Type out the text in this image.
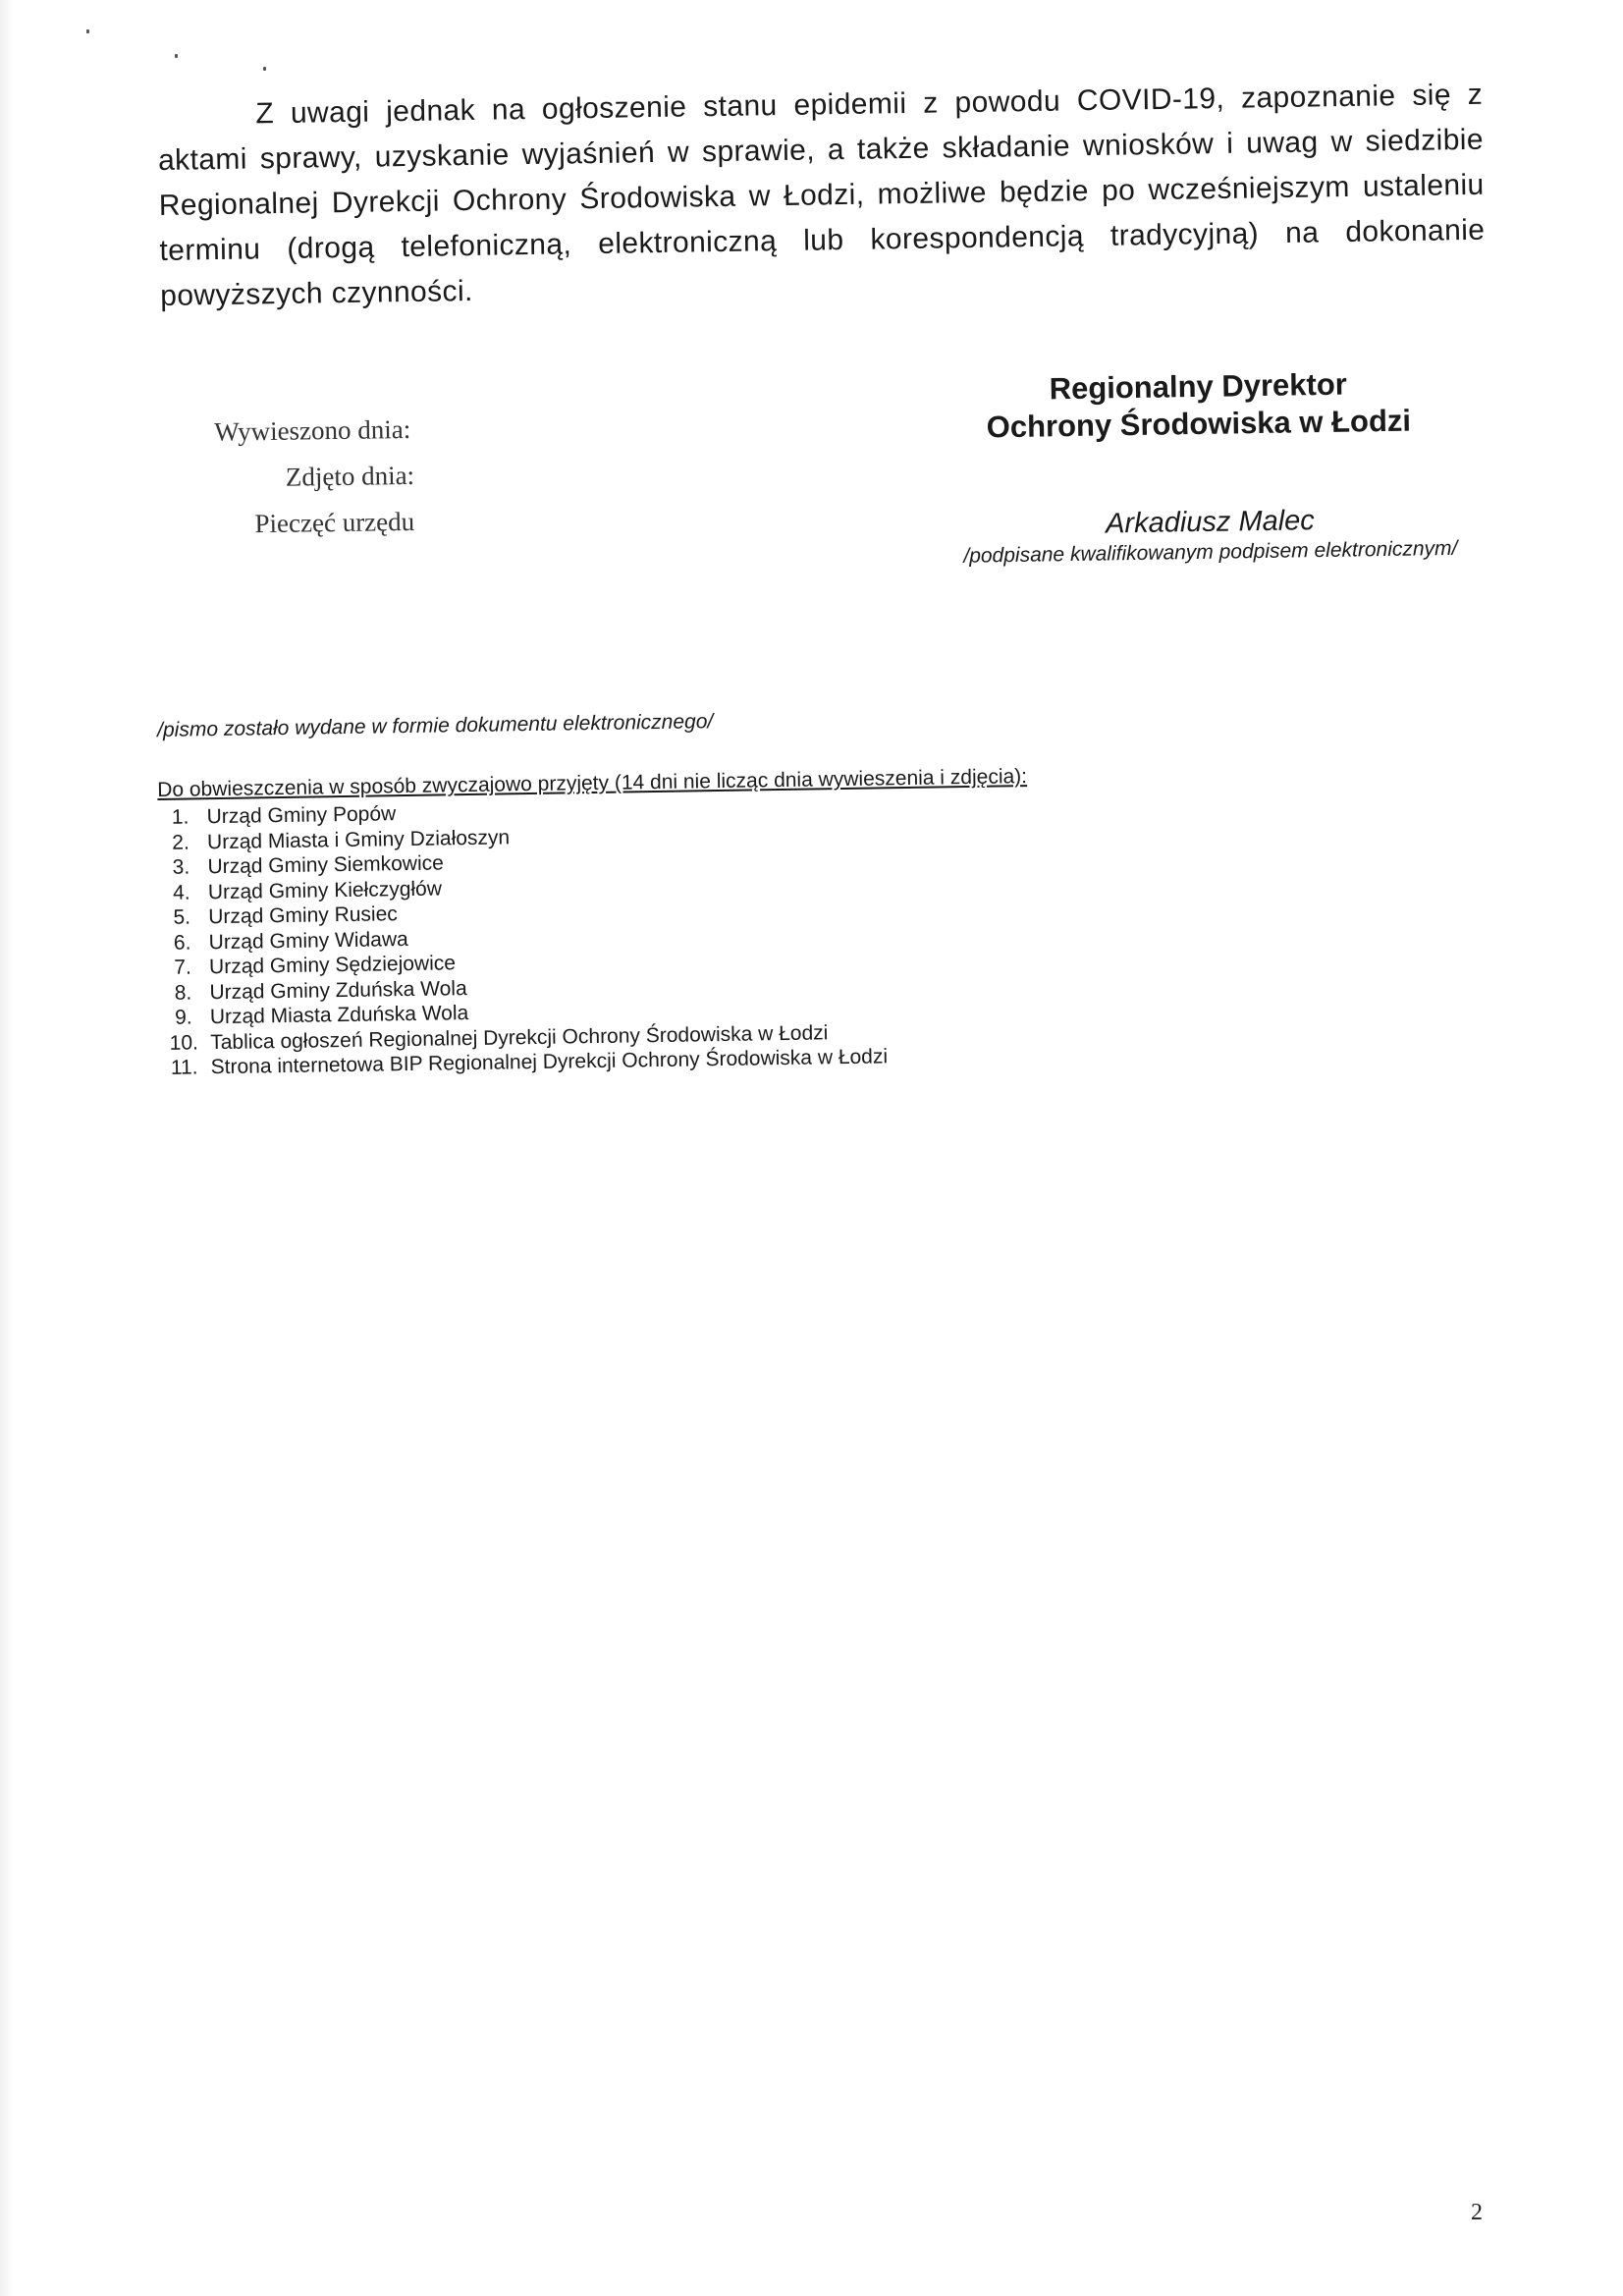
Z uwagi jednak na ogłoszenie stanu epidemii z powodu COVID-19, zapoznanie się z aktami sprawy, uzyskanie wyjaśnień w sprawie, a także składanie wniosków i uwag w siedzibie Regionalnej Dyrekcji Ochrony Środowiska w Łodzi, możliwe będzie po wcześniejszym ustaleniu terminu (drogą telefoniczną, elektroniczną lub korespondencją tradycyjną) na dokonanie powyższych czynności.
Wywieszono dnia:
Zdjęto dnia:
Pieczęć urzędu
Regionalny Dyrektor
Ochrony Środowiska w Łodzi
Arkadiusz Malec
/podpisane kwalifikowanym podpisem elektronicznym/
/pismo zostało wydane w formie dokumentu elektronicznego/
Do obwieszczenia w sposób zwyczajowo przyjęty (14 dni nie licząc dnia wywieszenia i zdjęcia):
1. Urząd Gminy Popów
2. Urząd Miasta i Gminy Działoszyn
3. Urząd Gminy Siemkowice
4. Urząd Gminy Kiełczygłów
5. Urząd Gminy Rusiec
6. Urząd Gminy Widawa
7. Urząd Gminy Sędziejowice
8. Urząd Gminy Zduńska Wola
9. Urząd Miasta Zduńska Wola
10. Tablica ogłoszeń Regionalnej Dyrekcji Ochrony Środowiska w Łodzi
11. Strona internetowa BIP Regionalnej Dyrekcji Ochrony Środowiska w Łodzi
2
